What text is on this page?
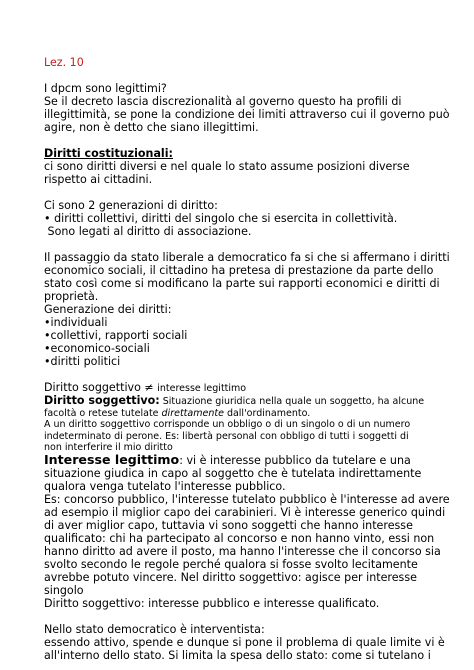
Lez. 10
I dpcm sono legittimi?
Se il decreto lascia discrezionalità al governo questo ha profili di
illegittimità, se pone la condizione dei limiti attraverso cui il governo può
agire, non è detto che siano illegittimi.
Diritti costituzionali:
ci sono diritti diversi e nel quale lo stato assume posizioni diverse
rispetto ai cittadini.
Ci sono 2 generazioni di diritto:
• diritti collettivi, diritti del singolo che si esercita in collettività.
Sono legati al diritto di associazione.
Il passaggio da stato liberale a democratico fa si che si affermano i diritti
economico sociali, il cittadino ha pretesa di prestazione da parte dello
stato così come si modificano la parte sui rapporti economici e diritti di
proprietà.
Generazione dei diritti:
•individuali
•collettivi, rapporti sociali
•economico-sociali
•diritti politici
Diritto soggettivo ≠ interesse legittimo
Diritto soggettivo: Situazione giuridica nella quale un soggetto, ha alcune
facoltà o retese tutelate direttamente dall'ordinamento.
A un diritto soggettivo corrisponde un obbligo o di un singolo o di un numero
indeterminato di perone. Es: libertà personal con obbligo di tutti i soggetti di
non interferire il mio diritto
Interesse legittimo: vi è interesse pubblico da tutelare e una
situazione giudica in capo al soggetto che è tutelata indirettamente
qualora venga tutelato l'interesse pubblico.
Es: concorso pubblico, l'interesse tutelato pubblico è l'interesse ad avere
ad esempio il miglior capo dei carabinieri. Vi è interesse generico quindi
di aver miglior capo, tuttavia vi sono soggetti che hanno interesse
qualificato: chi ha partecipato al concorso e non hanno vinto, essi non
hanno diritto ad avere il posto, ma hanno l'interesse che il concorso sia
svolto secondo le regole perché qualora si fosse svolto lecitamente
avrebbe potuto vincere. Nel diritto soggettivo: agisce per interesse
singolo
Diritto soggettivo: interesse pubblico e interesse qualificato.
Nello stato democratico è interventista:
essendo attivo, spende e dunque si pone il problema di quale limite vi è
all'interno dello stato. Si limita la spesa dello stato: come si tutelano i
